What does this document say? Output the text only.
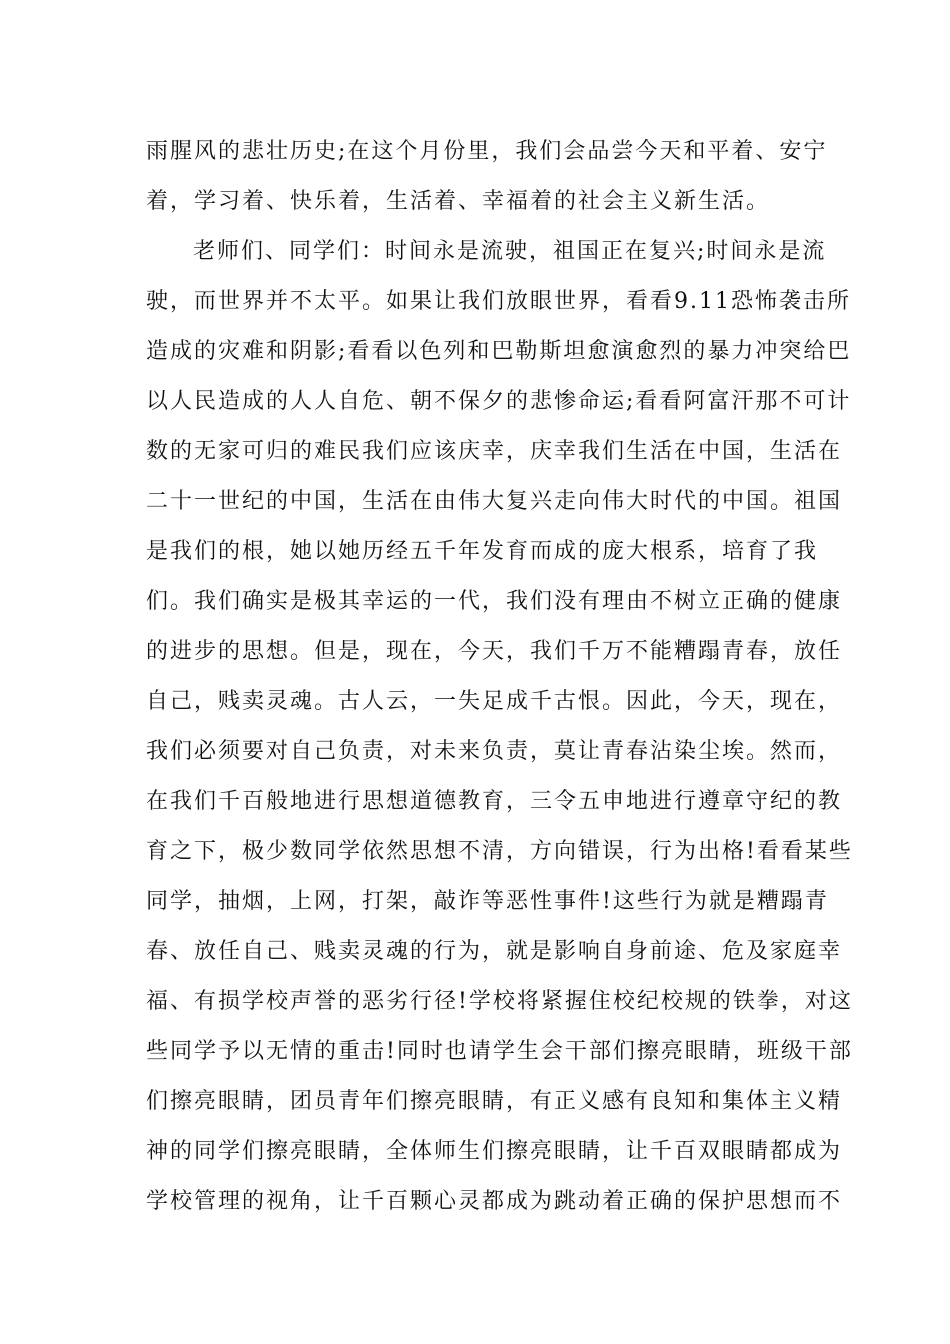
雨腥风的悲壮历史;在这个月份里，我们会品尝今天和平着、安宁
着，学习着、快乐着，生活着、幸福着的社会主义新生活。
老师们、同学们：时间永是流驶，祖国正在复兴;时间永是流
驶，而世界并不太平。如果让我们放眼世界，看看9.11恐怖袭击所
造成的灾难和阴影;看看以色列和巴勒斯坦愈演愈烈的暴力冲突给巴
以人民造成的人人自危、朝不保夕的悲惨命运;看看阿富汗那不可计
数的无家可归的难民我们应该庆幸，庆幸我们生活在中国，生活在
二十一世纪的中国，生活在由伟大复兴走向伟大时代的中国。祖国
是我们的根，她以她历经五千年发育而成的庞大根系，培育了我
们。我们确实是极其幸运的一代，我们没有理由不树立正确的健康
的进步的思想。但是，现在，今天，我们千万不能糟蹋青春，放任
自己，贱卖灵魂。古人云，一失足成千古恨。因此，今天，现在，
我们必须要对自己负责，对未来负责，莫让青春沾染尘埃。然而，
在我们千百般地进行思想道德教育，三令五申地进行遵章守纪的教
育之下，极少数同学依然思想不清，方向错误，行为出格!看看某些
同学，抽烟，上网，打架，敲诈等恶性事件!这些行为就是糟蹋青
春、放任自己、贱卖灵魂的行为，就是影响自身前途、危及家庭幸
福、有损学校声誉的恶劣行径!学校将紧握住校纪校规的铁拳，对这
些同学予以无情的重击!同时也请学生会干部们擦亮眼睛，班级干部
们擦亮眼睛，团员青年们擦亮眼睛，有正义感有良知和集体主义精
神的同学们擦亮眼睛，全体师生们擦亮眼睛，让千百双眼睛都成为
学校管理的视角，让千百颗心灵都成为跳动着正确的保护思想而不
